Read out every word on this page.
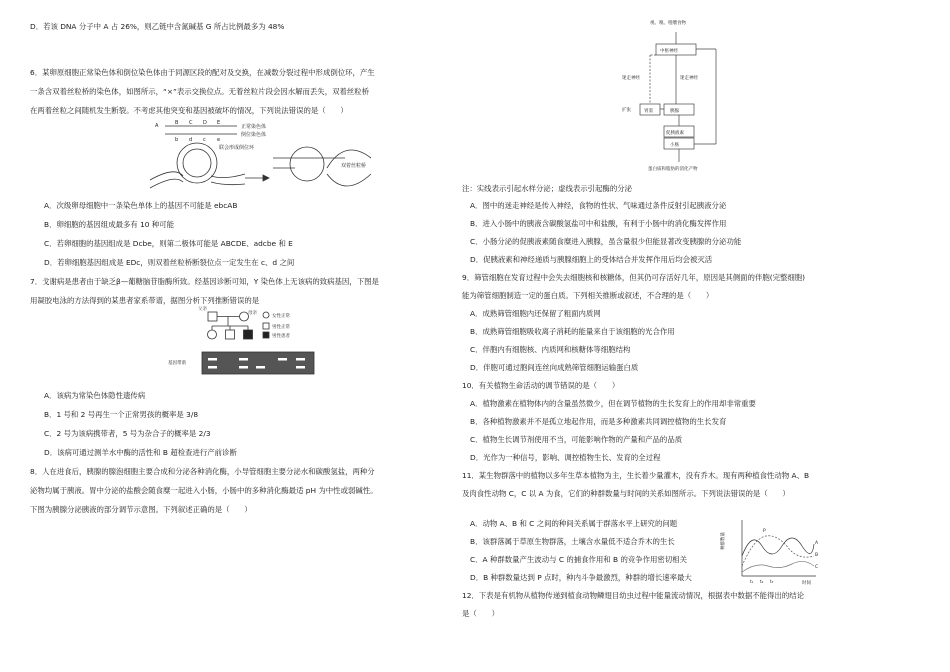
D．若该 DNA 分子中 A 占 26%，则乙链中含氮碱基 G 所占比例最多为 48%
6．某卵原细胞正常染色体和倒位染色体由于同源区段的配对及交换，在减数分裂过程中形成倒位环，产生
一条含双着丝粒桥的染色体，如图所示，“×”表示交换位点。无着丝粒片段会因水解而丢失，双着丝粒桥
在两着丝粒之间随机发生断裂。不考虑其他突变和基因被破坏的情况，下列说法错误的是（　　）
A	B C D E
b d c e
正常染色体
倒位染色体
联会形成倒位环
双着丝粒桥
A．次级卵母细胞中一条染色单体上的基因不可能是 ebcAB
B．卵细胞的基因组成最多有 10 种可能
C．若卵细胞的基因组成是 Dcbe，则第二极体可能是 ABCDE、adcbe 和 E
D．若卵细胞基因组成是 EDc，则双着丝粒桥断裂位点一定发生在 c、d 之间
7．戈谢病是患者由于缺乏β—葡糖脑苷脂酶所致。经基因诊断可知，Y 染色体上无该病的致病基因，下图是
用凝胶电泳的方法得到的某患者家系带谱，据图分析下列推断错误的是
父亲
母亲
女性正常
男性正常
男性患者
基因带谱
A．该病为常染色体隐性遗传病
B．1 号和 2 号再生一个正常男孩的概率是 3/8
C．2 号为该病携带者，5 号为杂合子的概率是 2/3
D．该病可通过测羊水中酶的活性和 B 超检查进行产前诊断
8．人在进食后，胰腺的腺泡细胞主要合成和分泌各种消化酶，小导管细胞主要分泌水和碳酸氢盐，两种分
泌物均属于胰液。胃中分泌的盐酸会随食糜一起进入小肠，小肠中的多种消化酶最适 pH 为中性或弱碱性。
下图为胰腺分泌胰液的部分调节示意图。下列叙述正确的是（　　）
视、嗅、咀嚼食物
中枢神经
迷走神经	迷走神经
扩张	胃窦	胰腺
促胰液素
小肠
蛋白质和脂肪的消化产物
注：实线表示引起水样分泌；虚线表示引起酶的分泌
A．图中的迷走神经是传入神经，食物的性状、气味通过条件反射引起胰液分泌
B．进入小肠中的胰液含碳酸氢盐可中和盐酸，有利于小肠中的消化酶发挥作用
C．小肠分泌的促胰液素随食糜进入胰腺，虽含量很少但能显著改变胰腺的分泌功能
D．促胰液素和神经递质与胰腺细胞上的受体结合并发挥作用后均会被灭活
9．筛管细胞在发育过程中会失去细胞核和核糖体，但其仍可存活好几年，原因是其侧面的伴胞(完整细胞)
能为筛管细胞制造一定的蛋白质。下列相关推断或叙述，不合理的是（　　）
A．成熟筛管细胞内还保留了粗面内质网
B．成熟筛管细胞吸收离子消耗的能量来自于该细胞的光合作用
C．伴胞内有细胞核、内质网和核糖体等细胞结构
D．伴胞可通过胞间连丝向成熟筛管细胞运输蛋白质
10．有关植物生命活动的调节错误的是（　　）
A．植物激素在植物体内的含量虽然微少，但在调节植物的生长发育上的作用却非常重要
B．各种植物激素并不是孤立地起作用，而是多种激素共同调控植物的生长发育
C．植物生长调节剂使用不当，可能影响作物的产量和产品的品质
D．光作为一种信号，影响、调控植物生长、发育的全过程
11．某生物群落中的植物以多年生草本植物为主，生长着少量灌木，没有乔木。现有两种植食性动物 A、B
及肉食性动物 C，C 以 A 为食，它们的种群数量与时间的关系如图所示。下列说法错误的是（　　）
A．动物 A、B 和 C 之间的种间关系属于群落水平上研究的问题
B．该群落属于草原生物群落，土壤含水量低不适合乔木的生长
C．A 种群数量产生波动与 C 的捕食作用和 B 的竞争作用密切相关
D．B 种群数量达到 P 点时，种内斗争最激烈，种群的增长速率最大
种群数量
时间
A
B
C
P
t₁ t₂ t₃
12．下表是有机物从植物传递到植食动物鳞翅目幼虫过程中能量流动情况，根据表中数据不能得出的结论
是（　　）
